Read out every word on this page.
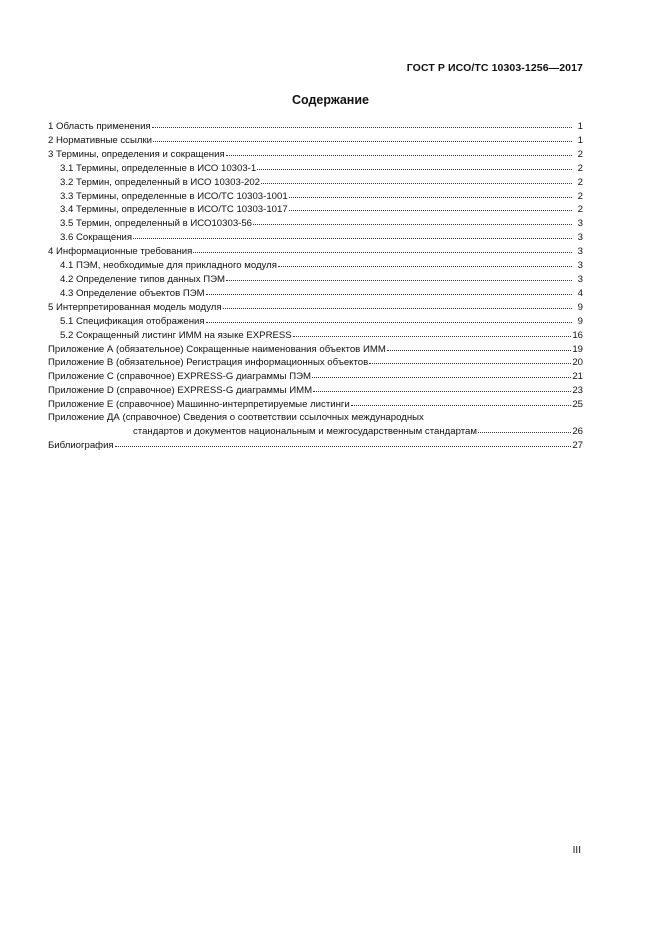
ГОСТ Р ИСО/ТС 10303-1256—2017
Содержание
1 Область применения	1
2 Нормативные ссылки	1
3 Термины, определения и сокращения	2
3.1 Термины, определенные в ИСО 10303-1	2
3.2 Термин, определенный в ИСО 10303-202	2
3.3 Термины, определенные в ИСО/ТС 10303-1001	2
3.4 Термины, определенные в ИСО/ТС 10303-1017	2
3.5 Термин, определенный в ИСО10303-56	3
3.6 Сокращения	3
4 Информационные требования	3
4.1 ПЭМ, необходимые для прикладного модуля	3
4.2 Определение типов данных ПЭМ	3
4.3 Определение объектов ПЭМ	4
5 Интерпретированная модель модуля	9
5.1 Спецификация отображения	9
5.2 Сокращенный листинг ИММ на языке EXPRESS	16
Приложение А (обязательное) Сокращенные наименования объектов ИММ	19
Приложение В (обязательное) Регистрация информационных объектов	20
Приложение С (справочное) EXPRESS-G диаграммы ПЭМ	21
Приложение D (справочное) EXPRESS-G диаграммы ИММ	23
Приложение Е (справочное) Машинно-интерпретируемые листинги	25
Приложение ДА (справочное) Сведения о соответствии ссылочных международных
стандартов и документов национальным и межгосударственным стандартам	26
Библиография	27
III
